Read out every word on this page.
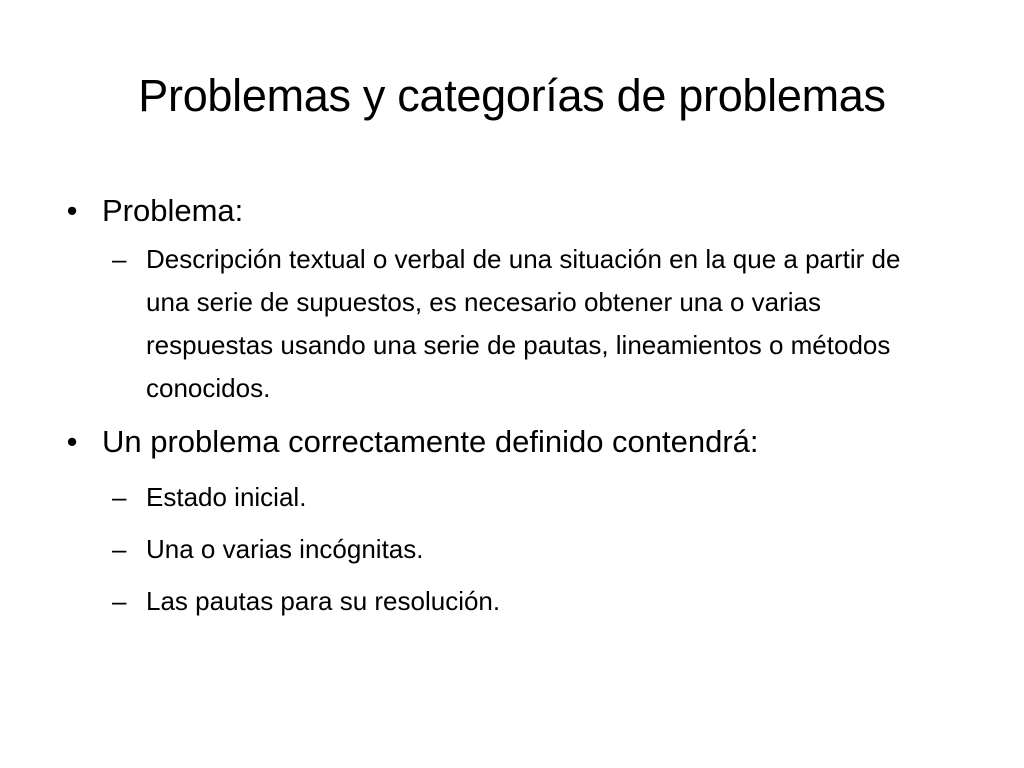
Problemas y categorías de problemas
• Problema:
– Descripción textual o verbal de una situación en la que a partir de una serie de supuestos, es necesario obtener una o varias respuestas usando una serie de pautas, lineamientos o métodos conocidos.
• Un problema correctamente definido contendrá:
– Estado inicial.
– Una o varias incógnitas.
– Las pautas para su resolución.
